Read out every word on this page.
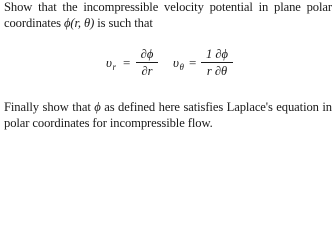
Show that the incompressible velocity potential in plane polar coordinates ϕ(r, θ) is such that

$\upsilon_r$ =
∂ϕ
∂r
$\upsilon_\theta$ =
1 ∂ϕ
r ∂θ

Finally show that ϕ as defined here satisfies Laplace's equation in polar coordinates for incompressible flow.
